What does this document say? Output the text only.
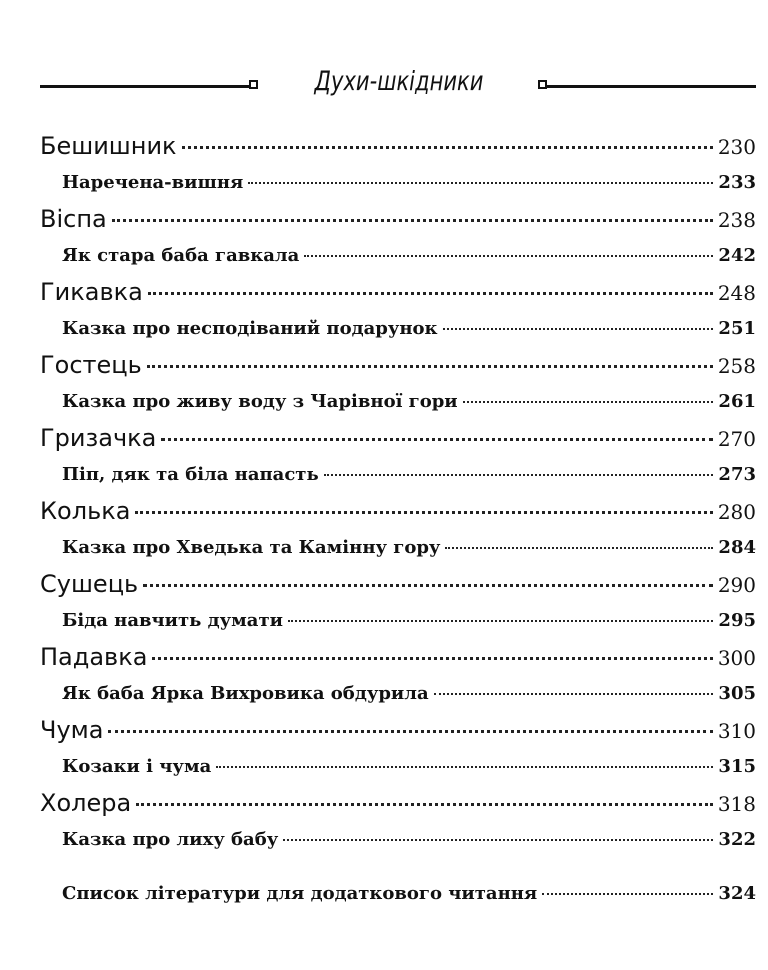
Духи-шкідники
Бешишник	230
Наречена-вишня	233
Віспа	238
Як стара баба гавкала	242
Гикавка	248
Казка про несподіваний подарунок	251
Гостець	258
Казка про живу воду з Чарівної гори	261
Гризачка	270
Піп, дяк та біла напасть	273
Колька	280
Казка про Хведька та Камінну гору	284
Сушець	290
Біда навчить думати	295
Падавка	300
Як баба Ярка Вихровика обдурила	305
Чума	310
Козаки і чума	315
Холера	318
Казка про лиху бабу	322
Список літератури для додаткового читання	324
